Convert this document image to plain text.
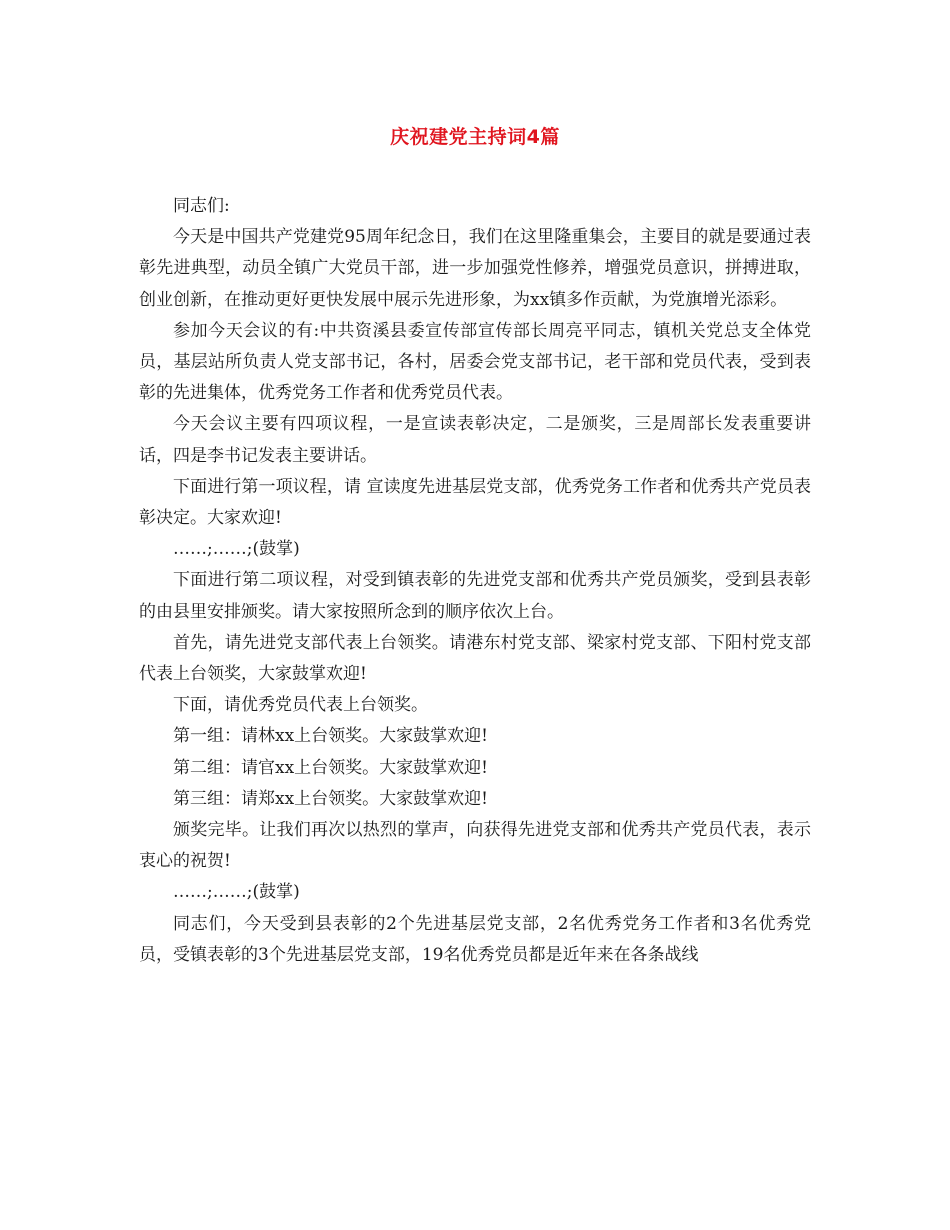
庆祝建党主持词4篇

同志们:

今天是中国共产党建党95周年纪念日，我们在这里隆重集会，主要目的就是要通过表彰先进典型，动员全镇广大党员干部，进一步加强党性修养，增强党员意识，拼搏进取，创业创新，在推动更好更快发展中展示先进形象，为xx镇多作贡献，为党旗增光添彩。

参加今天会议的有:中共资溪县委宣传部宣传部长周亮平同志，镇机关党总支全体党员，基层站所负责人党支部书记，各村，居委会党支部书记，老干部和党员代表，受到表彰的先进集体，优秀党务工作者和优秀党员代表。

今天会议主要有四项议程，一是宣读表彰决定，二是颁奖，三是周部长发表重要讲话，四是李书记发表主要讲话。

下面进行第一项议程，请 宣读度先进基层党支部，优秀党务工作者和优秀共产党员表彰决定。大家欢迎!

……;……;(鼓掌)

下面进行第二项议程，对受到镇表彰的先进党支部和优秀共产党员颁奖，受到县表彰的由县里安排颁奖。请大家按照所念到的顺序依次上台。

首先，请先进党支部代表上台领奖。请港东村党支部、梁家村党支部、下阳村党支部代表上台领奖，大家鼓掌欢迎!

下面，请优秀党员代表上台领奖。

第一组：请林xx上台领奖。大家鼓掌欢迎!

第二组：请官xx上台领奖。大家鼓掌欢迎!

第三组：请郑xx上台领奖。大家鼓掌欢迎!

颁奖完毕。让我们再次以热烈的掌声，向获得先进党支部和优秀共产党员代表，表示衷心的祝贺!

……;……;(鼓掌)

同志们，今天受到县表彰的2个先进基层党支部，2名优秀党务工作者和3名优秀党员，受镇表彰的3个先进基层党支部，19名优秀党员都是近年来在各条战线
